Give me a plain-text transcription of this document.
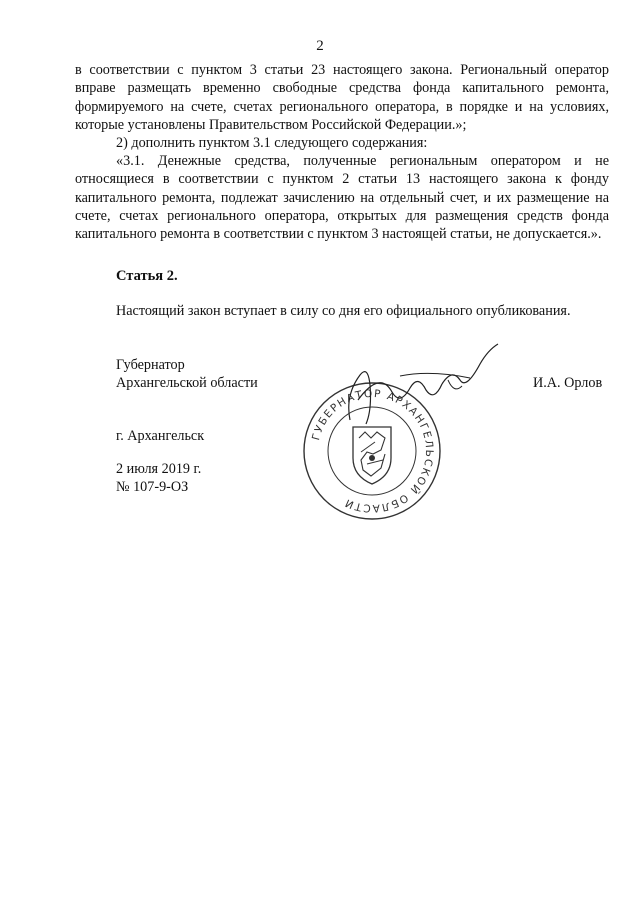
2
в соответствии с пунктом 3 статьи 23 настоящего закона. Региональный оператор вправе размещать временно свободные средства фонда капитального ремонта, формируемого на счете, счетах регионального оператора, в порядке и на условиях, которые установлены Правительством Российской Федерации.»;
2) дополнить пунктом 3.1 следующего содержания:
«3.1. Денежные средства, полученные региональным оператором и не относящиеся в соответствии с пунктом 2 статьи 13 настоящего закона к фонду капитального ремонта, подлежат зачислению на отдельный счет, и их размещение на счете, счетах регионального оператора, открытых для размещения средств фонда капитального ремонта в соответствии с пунктом 3 настоящей статьи, не допускается.».
Статья 2.
Настоящий закон вступает в силу со дня его официального опубликования.
Губернатор
Архангельской области	И.А. Орлов
ГУБЕРНАТОР АРХАНГЕЛЬСКОЙ ОБЛАСТИ
г. Архангельск
2 июля 2019 г.
№ 107-9-ОЗ
